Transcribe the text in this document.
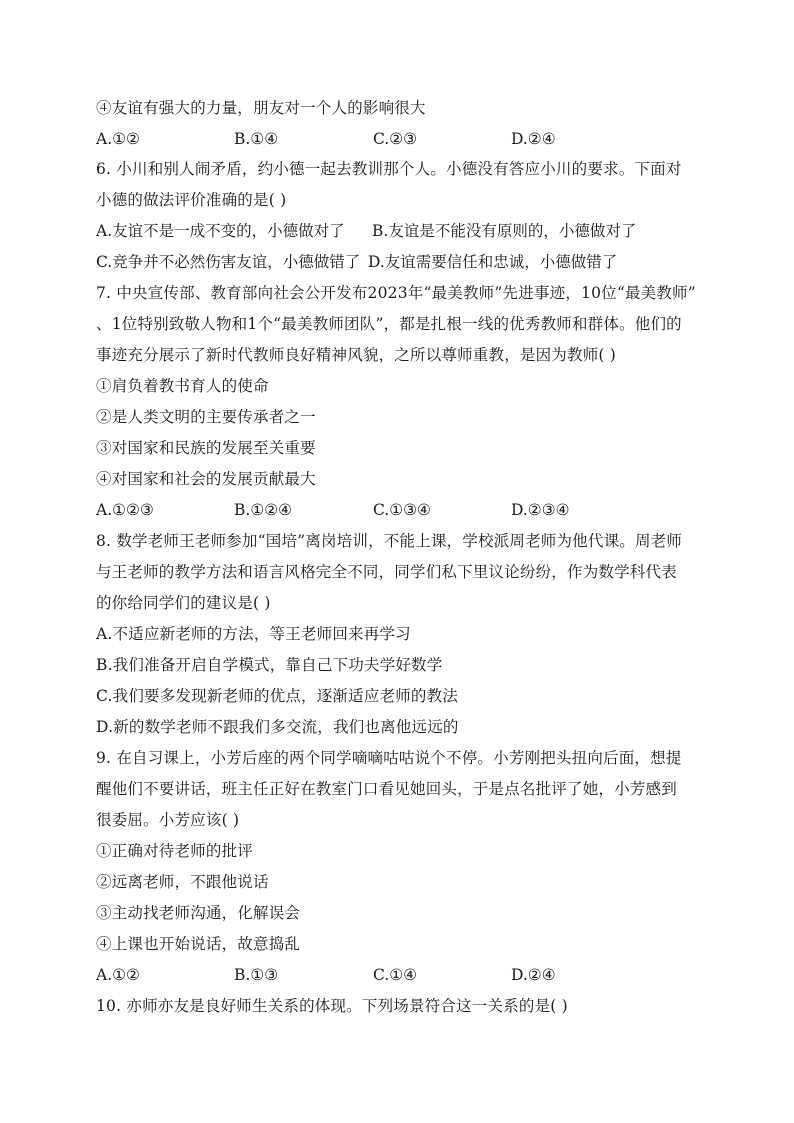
④友谊有强大的力量，朋友对一个人的影响很大
A.①②	B.①④	C.②③	D.②④
6. 小川和别人闹矛盾，约小德一起去教训那个人。小德没有答应小川的要求。下面对
小德的做法评价准确的是( )
A.友谊不是一成不变的，小德做对了 B.友谊是不能没有原则的，小德做对了
C.竞争并不必然伤害友谊，小德做错了 D.友谊需要信任和忠诚，小德做错了
7. 中央宣传部、教育部向社会公开发布2023年“最美教师”先进事迹，10位“最美教师”
、1位特别致敬人物和1个“最美教师团队”，都是扎根一线的优秀教师和群体。他们的
事迹充分展示了新时代教师良好精神风貌，之所以尊师重教，是因为教师( )
①肩负着教书育人的使命
②是人类文明的主要传承者之一
③对国家和民族的发展至关重要
④对国家和社会的发展贡献最大
A.①②③	B.①②④	C.①③④	D.②③④
8. 数学老师王老师参加“国培”离岗培训，不能上课，学校派周老师为他代课。周老师
与王老师的教学方法和语言风格完全不同，同学们私下里议论纷纷，作为数学科代表
的你给同学们的建议是( )
A.不适应新老师的方法，等王老师回来再学习
B.我们准备开启自学模式，靠自己下功夫学好数学
C.我们要多发现新老师的优点，逐渐适应老师的教法
D.新的数学老师不跟我们多交流，我们也离他远远的
9. 在自习课上，小芳后座的两个同学嘀嘀咕咕说个不停。小芳刚把头扭向后面，想提
醒他们不要讲话，班主任正好在教室门口看见她回头，于是点名批评了她，小芳感到
很委屈。小芳应该( )
①正确对待老师的批评
②远离老师，不跟他说话
③主动找老师沟通，化解误会
④上课也开始说话，故意捣乱
A.①②	B.①③	C.①④	D.②④
10. 亦师亦友是良好师生关系的体现。下列场景符合这一关系的是( )
